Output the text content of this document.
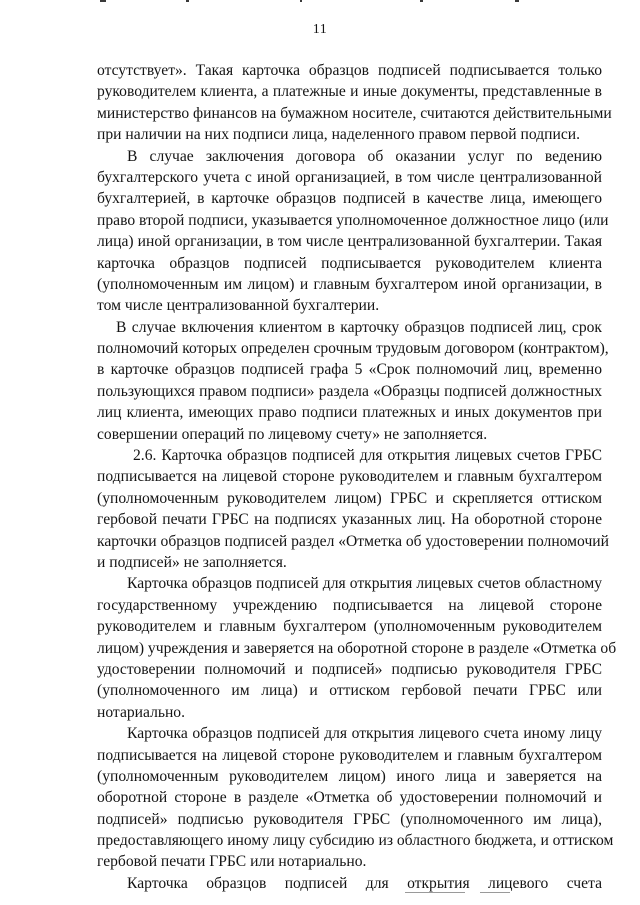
11
отсутствует». Такая карточка образцов подписей подписывается только
руководителем клиента, а платежные и иные документы, представленные в
министерство финансов на бумажном носителе, считаются действительными
при наличии на них подписи лица, наделенного правом первой подписи.
В случае заключения договора об оказании услуг по ведению
бухгалтерского учета с иной организацией, в том числе централизованной
бухгалтерией, в карточке образцов подписей в качестве лица, имеющего
право второй подписи, указывается уполномоченное должностное лицо (или
лица) иной организации, в том числе централизованной бухгалтерии. Такая
карточка образцов подписей подписывается руководителем клиента
(уполномоченным им лицом) и главным бухгалтером иной организации, в
том числе централизованной бухгалтерии.
В случае включения клиентом в карточку образцов подписей лиц, срок
полномочий которых определен срочным трудовым договором (контрактом),
в карточке образцов подписей графа 5 «Срок полномочий лиц, временно
пользующихся правом подписи» раздела «Образцы подписей должностных
лиц клиента, имеющих право подписи платежных и иных документов при
совершении операций по лицевому счету» не заполняется.
2.6. Карточка образцов подписей для открытия лицевых счетов ГРБС
подписывается на лицевой стороне руководителем и главным бухгалтером
(уполномоченным руководителем лицом) ГРБС и скрепляется оттиском
гербовой печати ГРБС на подписях указанных лиц. На оборотной стороне
карточки образцов подписей раздел «Отметка об удостоверении полномочий
и подписей» не заполняется.
Карточка образцов подписей для открытия лицевых счетов областному
государственному учреждению подписывается на лицевой стороне
руководителем и главным бухгалтером (уполномоченным руководителем
лицом) учреждения и заверяется на оборотной стороне в разделе «Отметка об
удостоверении полномочий и подписей» подписью руководителя ГРБС
(уполномоченного им лица) и оттиском гербовой печати ГРБС или
нотариально.
Карточка образцов подписей для открытия лицевого счета иному лицу
подписывается на лицевой стороне руководителем и главным бухгалтером
(уполномоченным руководителем лицом) иного лица и заверяется на
оборотной стороне в разделе «Отметка об удостоверении полномочий и
подписей» подписью руководителя ГРБС (уполномоченного им лица),
предоставляющего иному лицу субсидию из областного бюджета, и оттиском
гербовой печати ГРБС или нотариально.
Карточка образцов подписей для открытия лицевого счета
